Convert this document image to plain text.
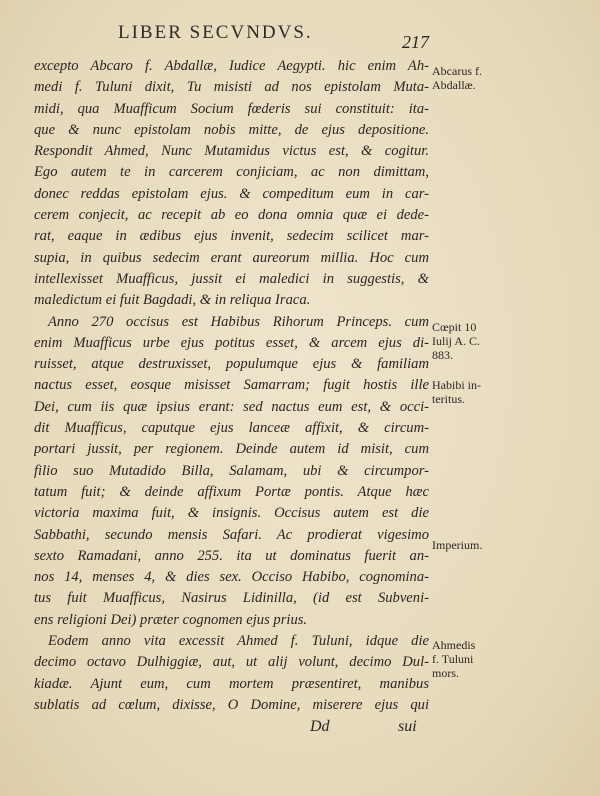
LIBER SECVNDVS.	217
excepto Abcaro f. Abdallæ, Iudice Aegypti. hic enim Ah-
medi f. Tuluni dixit, Tu misisti ad nos epistolam Muta-
midi, qua Muafficum Socium fœderis sui constituit: ita-
que & nunc epistolam nobis mitte, de ejus depositione.
Respondit Ahmed, Nunc Mutamidus victus est, & cogitur.
Ego autem te in carcerem conjiciam, ac non dimittam,
donec reddas epistolam ejus. & compeditum eum in car-
cerem conjecit, ac recepit ab eo dona omnia quæ ei dede-
rat, eaque in ædibus ejus invenit, sedecim scilicet mar-
supia, in quibus sedecim erant aureorum millia. Hoc cum
intellexisset Muafficus, jussit ei maledici in suggestis, &
maledictum ei fuit Bagdadi, & in reliqua Iraca.
Anno 270 occisus est Habibus Rihorum Princeps. cum
enim Muafficus urbe ejus potitus esset, & arcem ejus di-
ruisset, atque destruxisset, populumque ejus & familiam
nactus esset, eosque misisset Samarram; fugit hostis ille
Dei, cum iis quæ ipsius erant: sed nactus eum est, & occi-
dit Muafficus, caputque ejus lanceæ affixit, & circum-
portari jussit, per regionem. Deinde autem id misit, cum
filio suo Mutadido Billa, Salamam, ubi & circumpor-
tatum fuit; & deinde affixum Portæ pontis. Atque hæc
victoria maxima fuit, & insignis. Occisus autem est die
Sabbathi, secundo mensis Safari. Ac prodierat vigesimo
sexto Ramadani, anno 255. ita ut dominatus fuerit an-
nos 14, menses 4, & dies sex. Occiso Habibo, cognomina-
tus fuit Muafficus, Nasirus Lidinilla, (id est Subveni-
ens religioni Dei) præter cognomen ejus prius.
Eodem anno vita excessit Ahmed f. Tuluni, idque die
decimo octavo Dulhiggiæ, aut, ut alij volunt, decimo Dul-
kiadæ. Ajunt eum, cum mortem præsentiret, manibus
sublatis ad cœlum, dixisse, O Domine, miserere ejus qui
Abcarus f.
Abdallæ.
Cœpit 10
Iulij A. C.
883.
Habibi in-
teritus.
Imperium.
Ahmedis
f. Tuluni
mors.
Dd	sui
